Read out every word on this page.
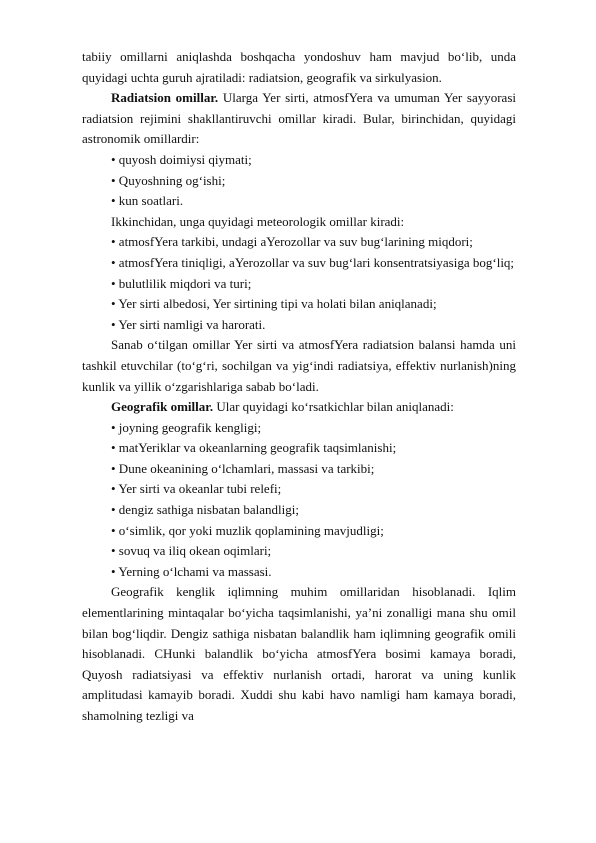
tabiiy omillarni aniqlashda boshqacha yondoshuv ham mavjud bo‘lib, unda quyidagi uchta guruh ajratiladi: radiatsion, geografik va sirkulyasion.

Radiatsion omillar. Ularga Yer sirti, atmosfYera va umuman Yer sayyorasi radiatsion rejimini shakllantiruvchi omillar kiradi. Bular, birinchidan, quyidagi astronomik omillardir:

• quyosh doimiysi qiymati;

• Quyoshning og‘ishi;

• kun soatlari.

Ikkinchidan, unga quyidagi meteorologik omillar kiradi:

• atmosfYera tarkibi, undagi aYerozollar va suv bug‘larining miqdori;

• atmosfYera tiniqligi, aYerozollar va suv bug‘lari konsentratsiyasiga bog‘liq;

• bulutlilik miqdori va turi;

• Yer sirti albedosi, Yer sirtining tipi va holati bilan aniqlanadi;

• Yer sirti namligi va harorati.

Sanab o‘tilgan omillar Yer sirti va atmosfYera radiatsion balansi hamda uni tashkil etuvchilar (to‘g‘ri, sochilgan va yig‘indi radiatsiya, effektiv nurlanish)ning kunlik va yillik o‘zgarishlariga sabab bo‘ladi.

Geografik omillar. Ular quyidagi ko‘rsatkichlar bilan aniqlanadi:

• joyning geografik kengligi;

• matYeriklar va okeanlarning geografik taqsimlanishi;

• Dune okeanining o‘lchamlari, massasi va tarkibi;

• Yer sirti va okeanlar tubi relefi;

• dengiz sathiga nisbatan balandligi;

• o‘simlik, qor yoki muzlik qoplamining mavjudligi;

• sovuq va iliq okean oqimlari;

• Yerning o‘lchami va massasi.

Geografik kenglik iqlimning muhim omillaridan hisoblanadi. Iqlim elementlarining mintaqalar bo‘yicha taqsimlanishi, ya’ni zonalligi mana shu omil bilan bog‘liqdir. Dengiz sathiga nisbatan balandlik ham iqlimning geografik omili hisoblanadi. CHunki balandlik bo‘yicha atmosfYera bosimi kamaya boradi, Quyosh radiatsiyasi va effektiv nurlanish ortadi, harorat va uning kunlik amplitudasi kamayib boradi. Xuddi shu kabi havo namligi ham kamaya boradi, shamolning tezligi va
